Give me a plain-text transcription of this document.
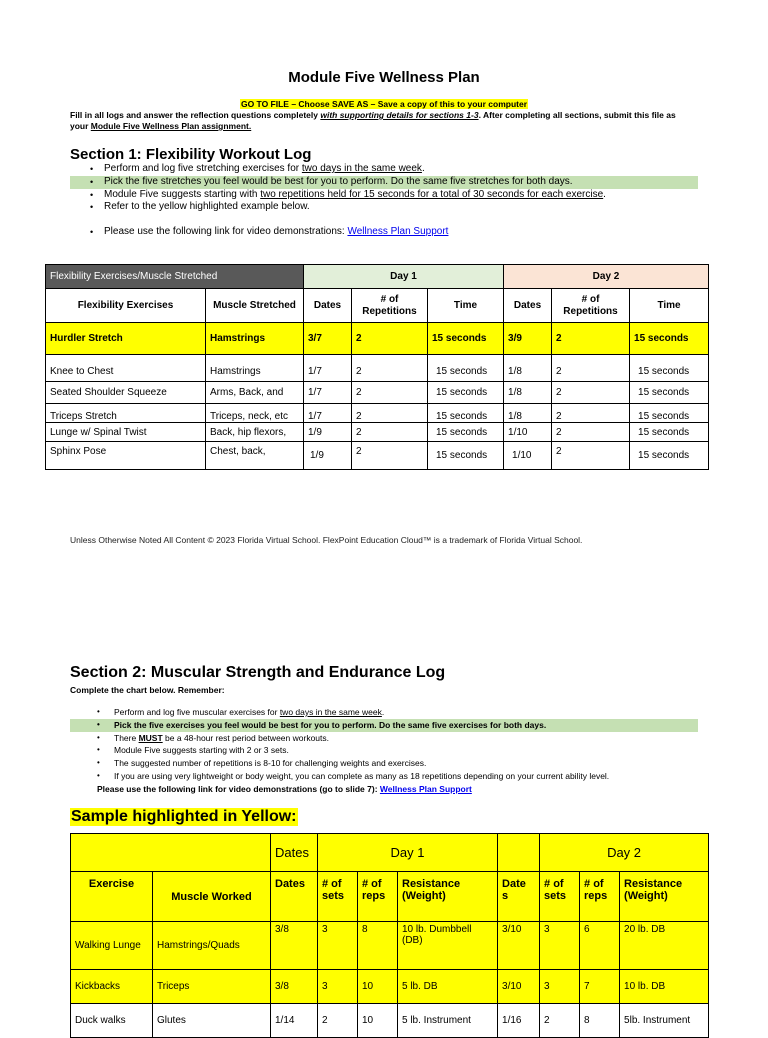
Module Five Wellness Plan
GO TO FILE – Choose SAVE AS – Save a copy of this to your computer
Fill in all logs and answer the reflection questions completely with supporting details for sections 1-3. After completing all sections, submit this file as your Module Five Wellness Plan assignment.
Section 1: Flexibility Workout Log
• Perform and log five stretching exercises for two days in the same week.
• Pick the five stretches you feel would be best for you to perform. Do the same five stretches for both days.
• Module Five suggests starting with two repetitions held for 15 seconds for a total of 30 seconds for each exercise.
• Refer to the yellow highlighted example below.
• Please use the following link for video demonstrations: Wellness Plan Support
Flexibility Exercises/Muscle Stretched		Day 1			Day 2		
Flexibility Exercises	Muscle Stretched	Dates	# of Repetitions	Time	Dates	# of Repetitions	Time
Hurdler Stretch	Hamstrings	3/7	2	15 seconds	3/9	2	15 seconds
Knee to Chest	Hamstrings	1/7	2	15 seconds	1/8	2	15 seconds
Seated Shoulder Squeeze	Arms, Back, and	1/7	2	15 seconds	1/8	2	15 seconds
Triceps Stretch	Triceps, neck, etc	1/7	2	15 seconds	1/8	2	15 seconds
Lunge w/ Spinal Twist	Back, hip flexors,	1/9	2	15 seconds	1/10	2	15 seconds
Sphinx Pose	Chest, back,	1/9	2	15 seconds	1/10	2	15 seconds
Unless Otherwise Noted All Content © 2023 Florida Virtual School. FlexPoint Education Cloud™ is a trademark of Florida Virtual School.
Section 2: Muscular Strength and Endurance Log
Complete the chart below. Remember:
• Perform and log five muscular exercises for two days in the same week.
• Pick the five exercises you feel would be best for you to perform. Do the same five exercises for both days.
• There MUST be a 48-hour rest period between workouts.
• Module Five suggests starting with 2 or 3 sets.
• The suggested number of repetitions is 8-10 for challenging weights and exercises.
• If you are using very lightweight or body weight, you can complete as many as 18 repetitions depending on your current ability level.
Please use the following link for video demonstrations (go to slide 7): Wellness Plan Support
Sample highlighted in Yellow:
		Dates	Day 1				Day 2		
Exercise	Muscle Worked	Dates	# of sets	# of reps	Resistance (Weight)	Date s	# of sets	# of reps	Resistance (Weight)
Walking Lunge	Hamstrings/Quads	3/8	3	8	10 lb. Dumbbell (DB)	3/10	3	6	20 lb. DB
Kickbacks	Triceps	3/8	3	10	5 lb. DB	3/10	3	7	10 lb. DB
Duck walks	Glutes	1/14	2	10	5 lb. Instrument	1/16	2	8	5lb. Instrument
